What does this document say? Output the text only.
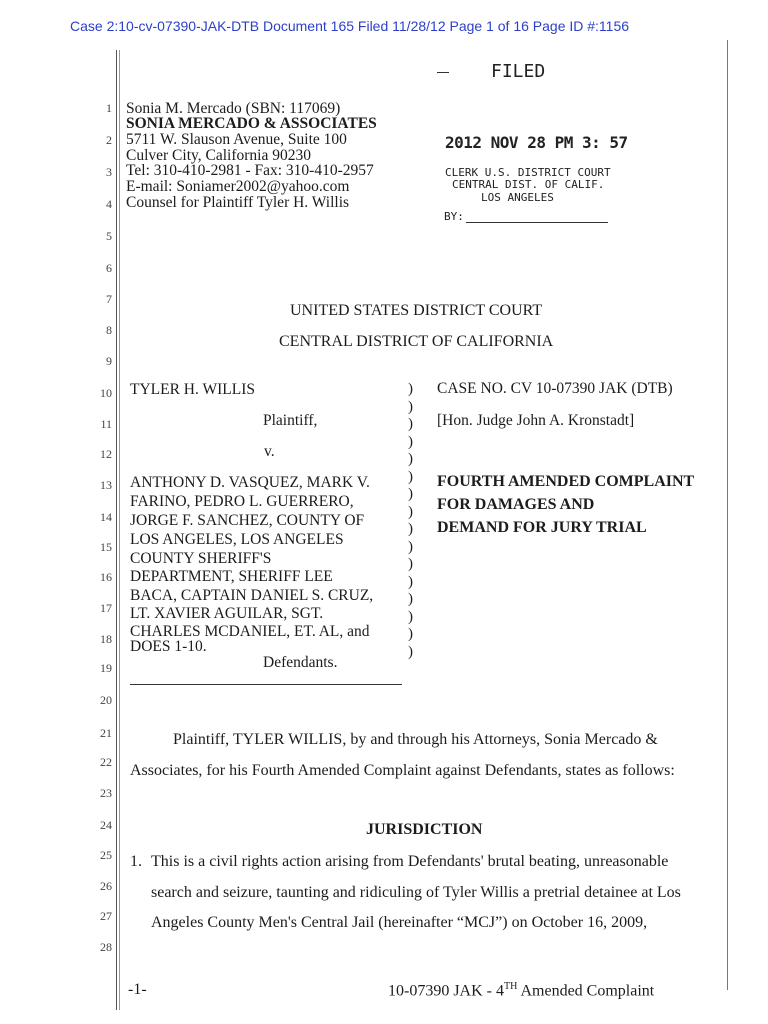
Case 2:10-cv-07390-JAK-DTB Document 165 Filed 11/28/12 Page 1 of 16 Page ID #:1156
1
2
3
4
5
6
7
8
9
10
11
12
13
14
15
16
17
18
19
20
21
22
23
24
25
26
27
28
Sonia M. Mercado (SBN: 117069)
SONIA MERCADO & ASSOCIATES
5711 W. Slauson Avenue, Suite 100
Culver City, California 90230
Tel: 310-410-2981 - Fax: 310-410-2957
E-mail: Soniamer2002@yahoo.com
Counsel for Plaintiff Tyler H. Willis
FILED
2012 NOV 28 PM 3: 57
CLERK U.S. DISTRICT COURT
CENTRAL DIST. OF CALIF.
LOS ANGELES
BY:
UNITED STATES DISTRICT COURT
CENTRAL DISTRICT OF CALIFORNIA
TYLER H. WILLIS
Plaintiff,
v.
ANTHONY D. VASQUEZ, MARK V.
FARINO, PEDRO L. GUERRERO,
JORGE F. SANCHEZ, COUNTY OF
LOS ANGELES, LOS ANGELES
COUNTY SHERIFF'S
DEPARTMENT, SHERIFF LEE
BACA, CAPTAIN DANIEL S. CRUZ,
LT. XAVIER AGUILAR, SGT.
CHARLES MCDANIEL, ET. AL, and
DOES 1-10.
Defendants.
)
)
)
)
)
)
)
)
)
)
)
)
)
)
)
)
CASE NO. CV 10-07390 JAK (DTB)
[Hon. Judge John A. Kronstadt]
FOURTH AMENDED COMPLAINT
FOR DAMAGES AND
DEMAND FOR JURY TRIAL
Plaintiff, TYLER WILLIS, by and through his Attorneys, Sonia Mercado &
Associates, for his Fourth Amended Complaint against Defendants, states as follows:
JURISDICTION
1. This is a civil rights action arising from Defendants' brutal beating, unreasonable
search and seizure, taunting and ridiculing of Tyler Willis a pretrial detainee at Los
Angeles County Men's Central Jail (hereinafter “MCJ”) on October 16, 2009,
-1-	10-07390 JAK - 4TH Amended Complaint
